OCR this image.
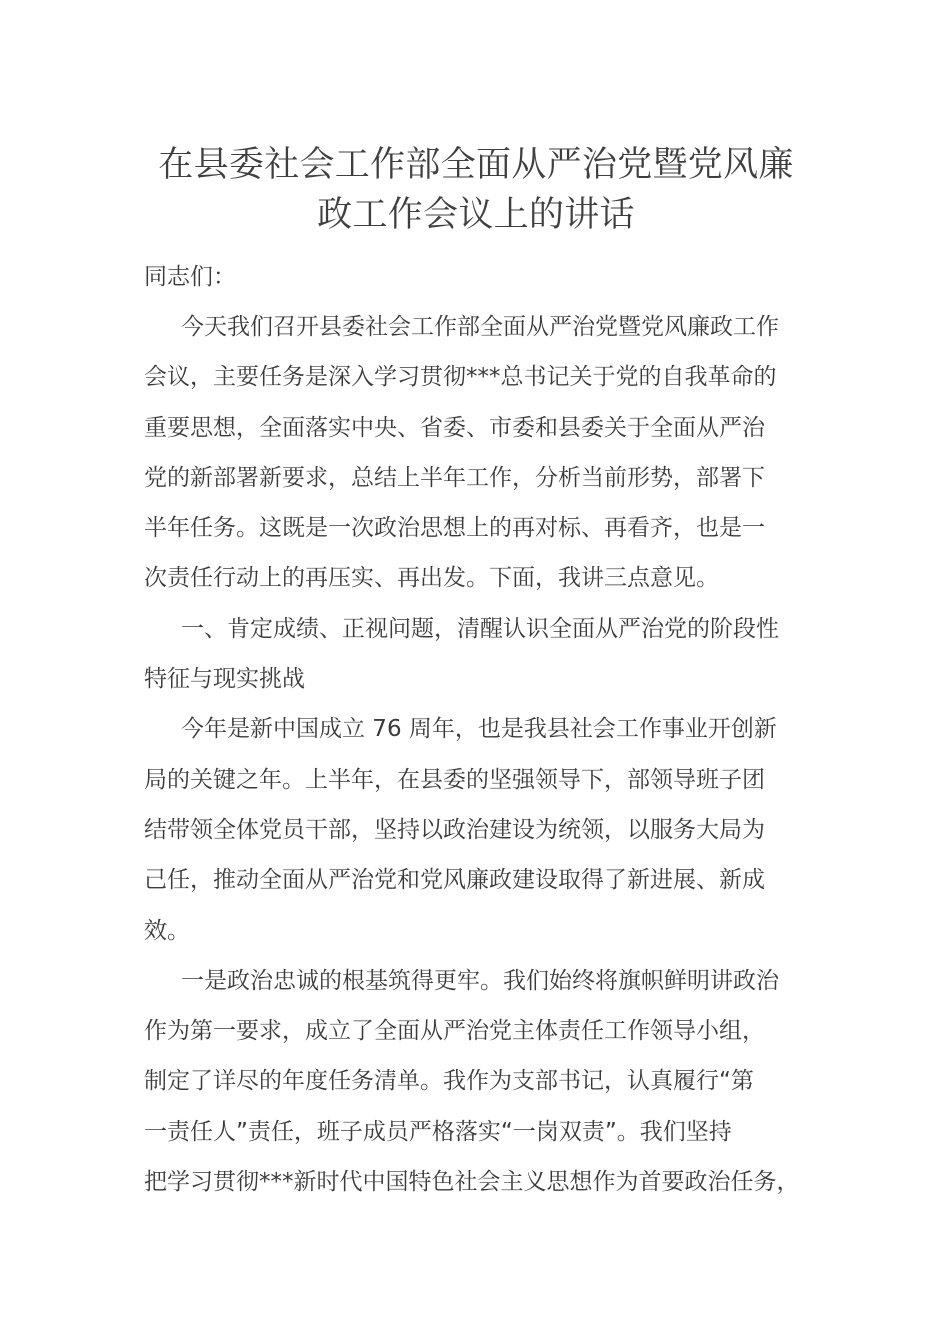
在县委社会工作部全面从严治党暨党风廉
政工作会议上的讲话

同志们：

今天我们召开县委社会工作部全面从严治党暨党风廉政工作
会议，主要任务是深入学习贯彻***总书记关于党的自我革命的
重要思想，全面落实中央、省委、市委和县委关于全面从严治
党的新部署新要求，总结上半年工作，分析当前形势，部署下
半年任务。这既是一次政治思想上的再对标、再看齐，也是一
次责任行动上的再压实、再出发。下面，我讲三点意见。
一、肯定成绩、正视问题，清醒认识全面从严治党的阶段性
特征与现实挑战
今年是新中国成立 76 周年，也是我县社会工作事业开创新
局的关键之年。上半年，在县委的坚强领导下，部领导班子团
结带领全体党员干部，坚持以政治建设为统领，以服务大局为
己任，推动全面从严治党和党风廉政建设取得了新进展、新成
效。
一是政治忠诚的根基筑得更牢。我们始终将旗帜鲜明讲政治
作为第一要求，成立了全面从严治党主体责任工作领导小组，
制定了详尽的年度任务清单。我作为支部书记，认真履行“第
一责任人”责任，班子成员严格落实“一岗双责”。我们坚持
把学习贯彻***新时代中国特色社会主义思想作为首要政治任务，
